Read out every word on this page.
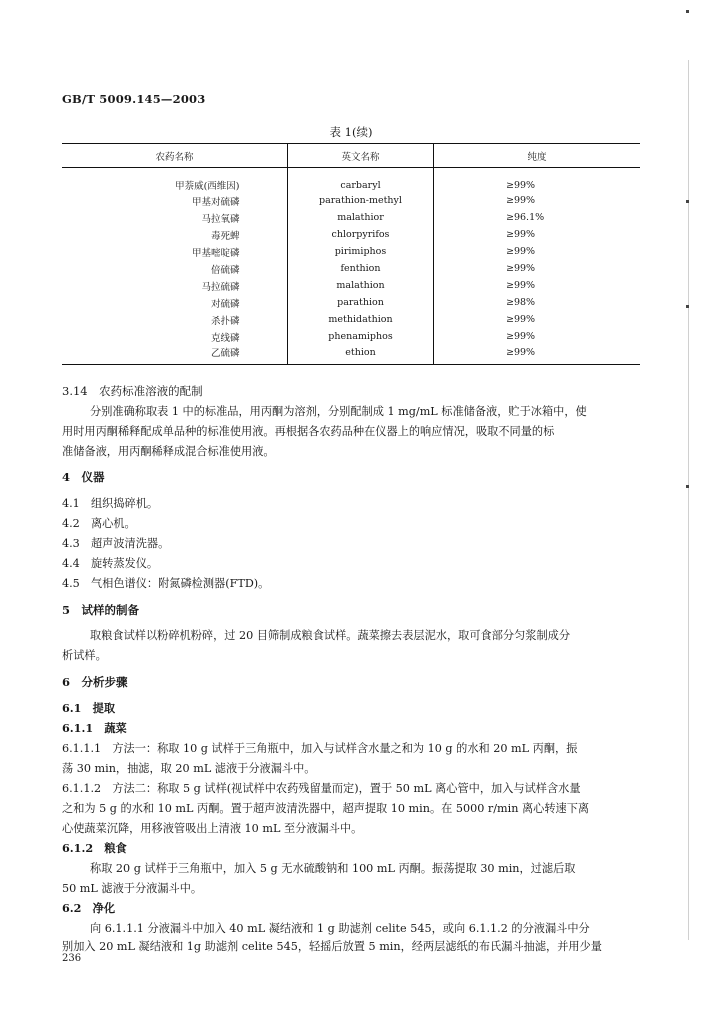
GB/T 5009.145—2003
表 1(续)
农药名称	英文名称	纯度
甲萘威(西维因)	carbaryl	≥99%
甲基对硫磷	parathion-methyl	≥99%
马拉氧磷	malathior	≥96.1%
毒死蜱	chlorpyrifos	≥99%
甲基嘧啶磷	pirimiphos	≥99%
倍硫磷	fenthion	≥99%
马拉硫磷	malathion	≥99%
对硫磷	parathion	≥98%
杀扑磷	methidathion	≥99%
克线磷	phenamiphos	≥99%
乙硫磷	ethion	≥99%
3.14　农药标准溶液的配制
分别准确称取表 1 中的标准品，用丙酮为溶剂，分别配制成 1 mg/mL 标准储备液，贮于冰箱中，使
用时用丙酮稀释配成单品种的标准使用液。再根据各农药品种在仪器上的响应情况，吸取不同量的标
准储备液，用丙酮稀释成混合标准使用液。
4　仪器
4.1　组织捣碎机。
4.2　离心机。
4.3　超声波清洗器。
4.4　旋转蒸发仪。
4.5　气相色谱仪：附氮磷检测器(FTD)。
5　试样的制备
取粮食试样以粉碎机粉碎，过 20 目筛制成粮食试样。蔬菜擦去表层泥水，取可食部分匀浆制成分
析试样。
6　分析步骤
6.1　提取
6.1.1　蔬菜
6.1.1.1　方法一：称取 10 g 试样于三角瓶中，加入与试样含水量之和为 10 g 的水和 20 mL 丙酮，振
荡 30 min，抽滤，取 20 mL 滤液于分液漏斗中。
6.1.1.2　方法二：称取 5 g 试样(视试样中农药残留量而定)，置于 50 mL 离心管中，加入与试样含水量
之和为 5 g 的水和 10 mL 丙酮。置于超声波清洗器中，超声提取 10 min。在 5000 r/min 离心转速下离
心使蔬菜沉降，用移液管吸出上清液 10 mL 至分液漏斗中。
6.1.2　粮食
称取 20 g 试样于三角瓶中，加入 5 g 无水硫酸钠和 100 mL 丙酮。振荡提取 30 min，过滤后取
50 mL 滤液于分液漏斗中。
6.2　净化
向 6.1.1.1 分液漏斗中加入 40 mL 凝结液和 1 g 助滤剂 celite 545，或向 6.1.1.2 的分液漏斗中分
别加入 20 mL 凝结液和 1g 助滤剂 celite 545，轻摇后放置 5 min，经两层滤纸的布氏漏斗抽滤，并用少量
236
